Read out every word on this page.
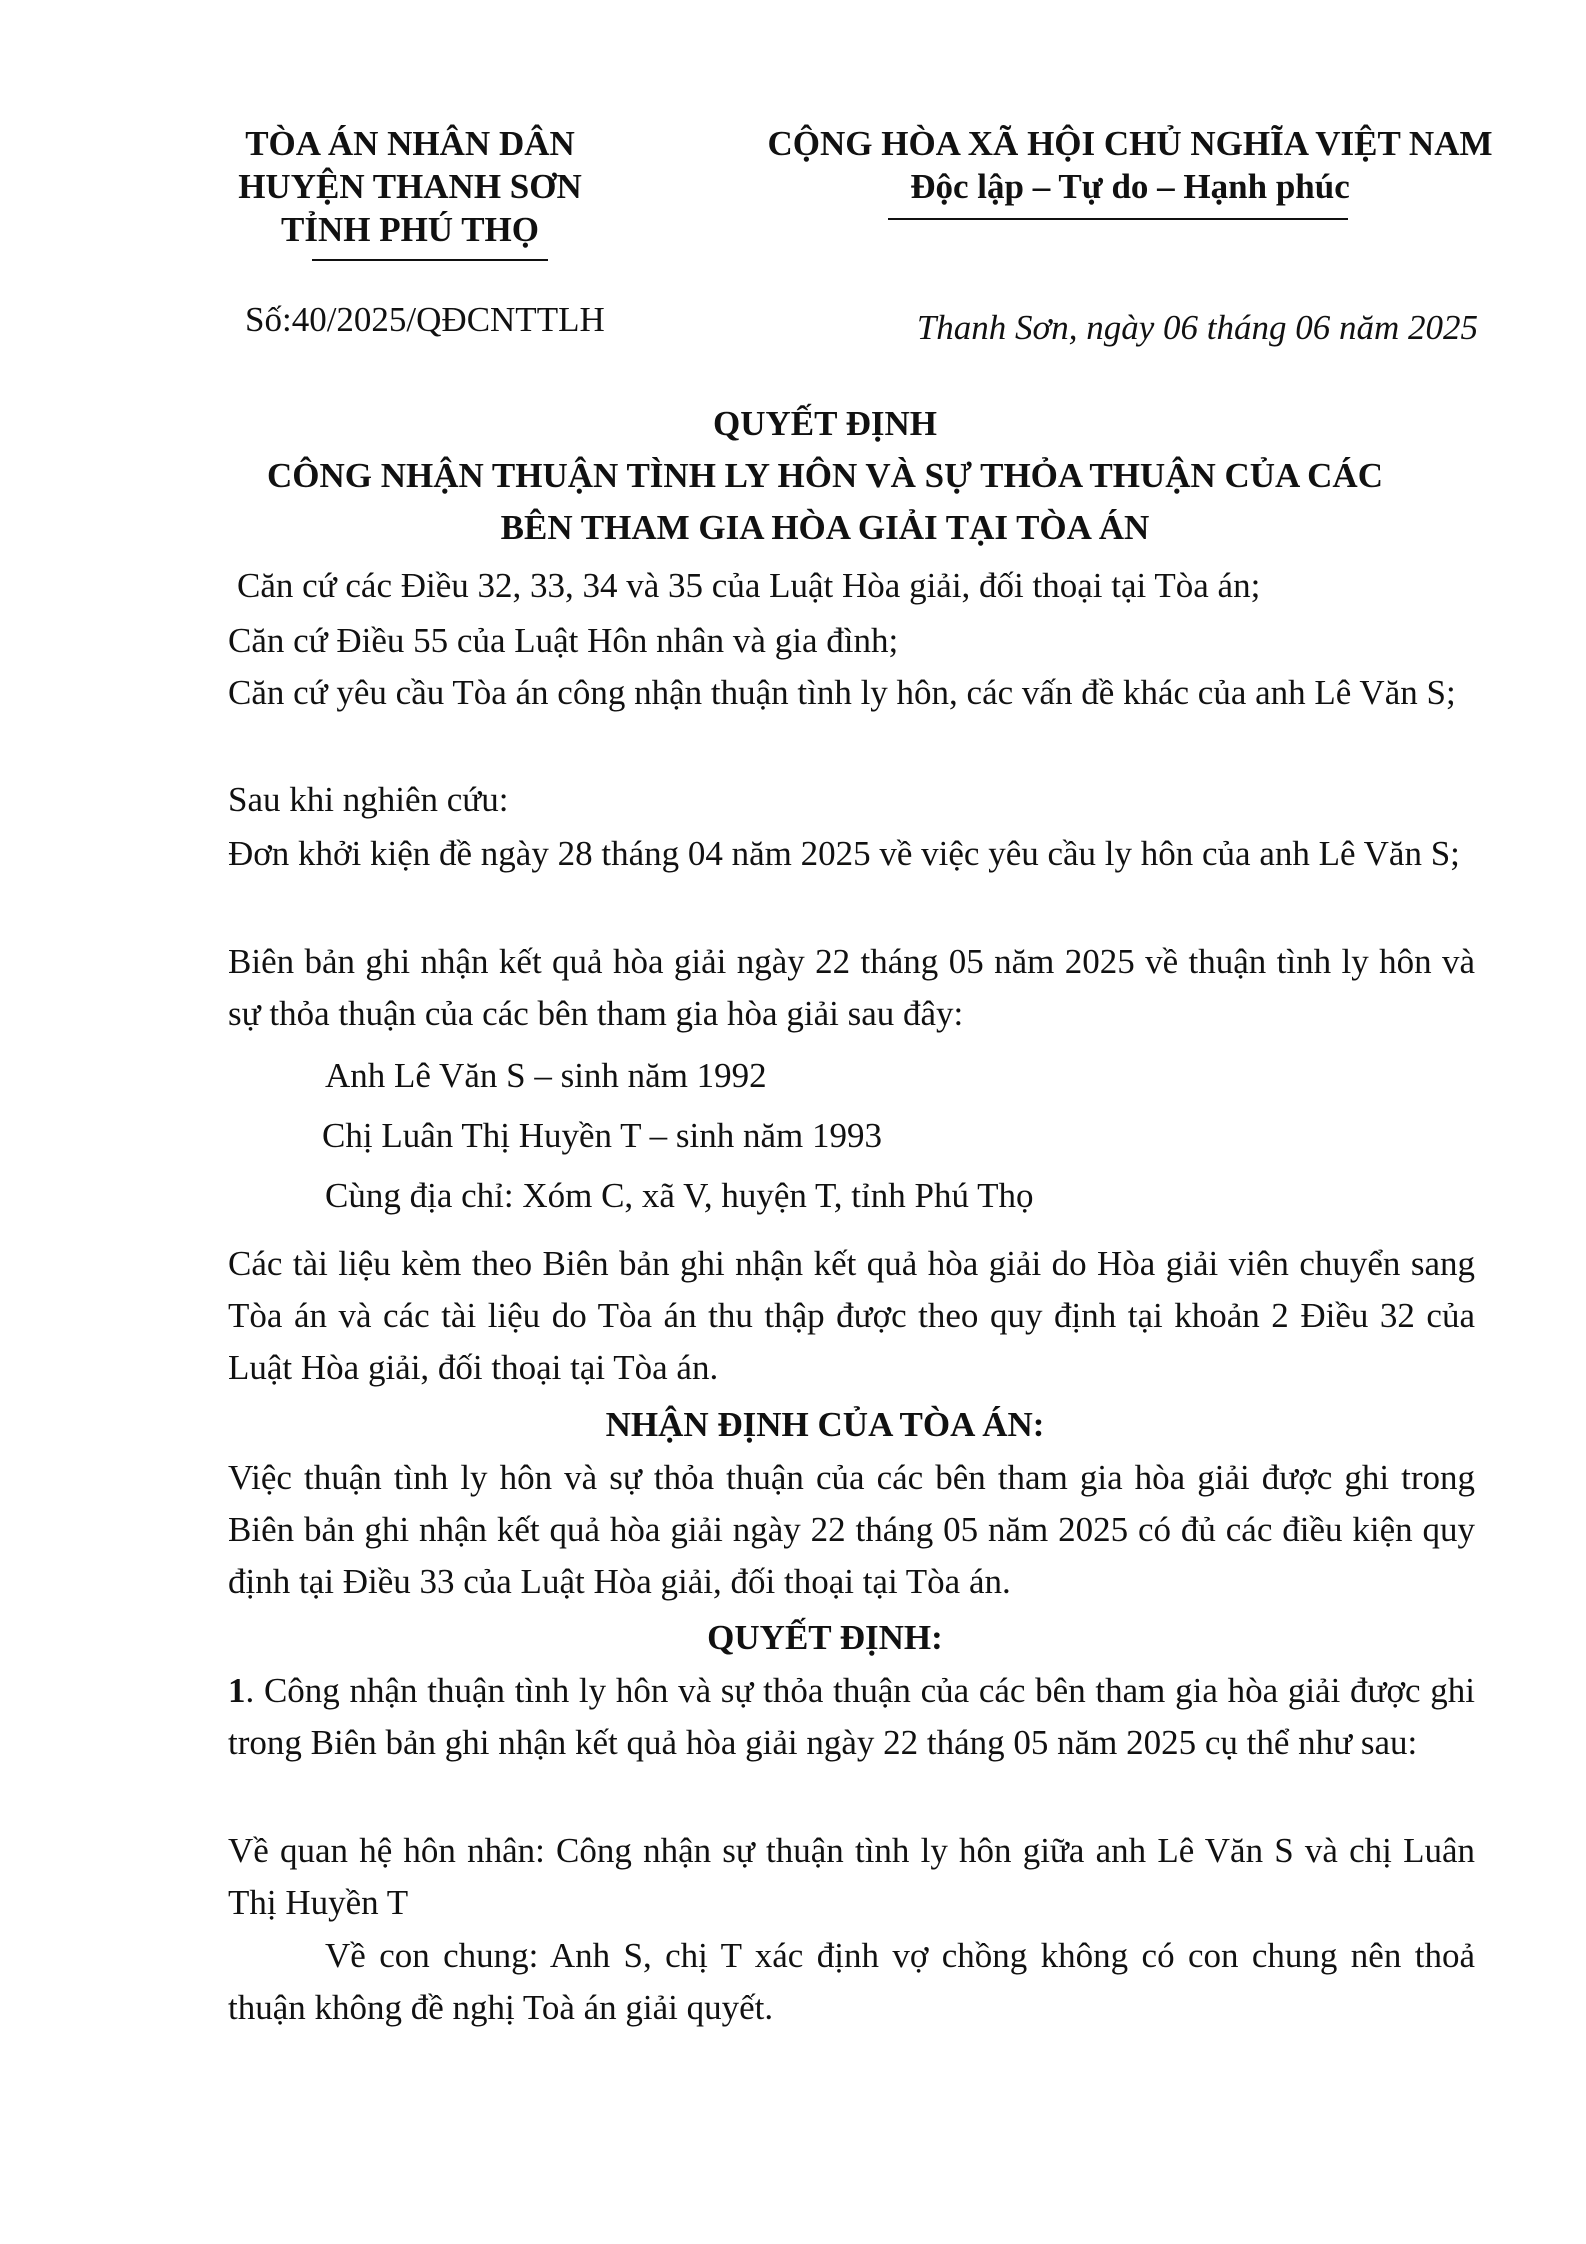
TÒA ÁN NHÂN DÂN
HUYỆN THANH SƠN
TỈNH PHÚ THỌ
CỘNG HÒA XÃ HỘI CHỦ NGHĨA VIỆT NAM
Độc lập – Tự do – Hạnh phúc
Số:40/2025/QĐCNTTLH	Thanh Sơn, ngày 06 tháng 06 năm 2025
QUYẾT ĐỊNH
CÔNG NHẬN THUẬN TÌNH LY HÔN VÀ SỰ THỎA THUẬN CỦA CÁC
BÊN THAM GIA HÒA GIẢI TẠI TÒA ÁN
Căn cứ các Điều 32, 33, 34 và 35 của Luật Hòa giải, đối thoại tại Tòa án;
Căn cứ Điều 55 của Luật Hôn nhân và gia đình;
Căn cứ yêu cầu Tòa án công nhận thuận tình ly hôn, các vấn đề khác của anh Lê Văn S;
Sau khi nghiên cứu:
Đơn khởi kiện đề ngày 28 tháng 04 năm 2025 về việc yêu cầu ly hôn của anh Lê Văn S;
Biên bản ghi nhận kết quả hòa giải ngày 22 tháng 05 năm 2025 về thuận tình ly hôn và sự thỏa thuận của các bên tham gia hòa giải sau đây:
Anh Lê Văn S – sinh năm 1992
Chị Luân Thị Huyền T – sinh năm 1993
Cùng địa chỉ: Xóm C, xã V, huyện T, tỉnh Phú Thọ
Các tài liệu kèm theo Biên bản ghi nhận kết quả hòa giải do Hòa giải viên chuyển sang Tòa án và các tài liệu do Tòa án thu thập được theo quy định tại khoản 2 Điều 32 của Luật Hòa giải, đối thoại tại Tòa án.
NHẬN ĐỊNH CỦA TÒA ÁN:
Việc thuận tình ly hôn và sự thỏa thuận của các bên tham gia hòa giải được ghi trong Biên bản ghi nhận kết quả hòa giải ngày 22 tháng 05 năm 2025 có đủ các điều kiện quy định tại Điều 33 của Luật Hòa giải, đối thoại tại Tòa án.
QUYẾT ĐỊNH:
1. Công nhận thuận tình ly hôn và sự thỏa thuận của các bên tham gia hòa giải được ghi trong Biên bản ghi nhận kết quả hòa giải ngày 22 tháng 05 năm 2025 cụ thể như sau:
Về quan hệ hôn nhân: Công nhận sự thuận tình ly hôn giữa anh Lê Văn S và chị Luân Thị Huyền T
Về con chung: Anh S, chị T xác định vợ chồng không có con chung nên thoả thuận không đề nghị Toà án giải quyết.
